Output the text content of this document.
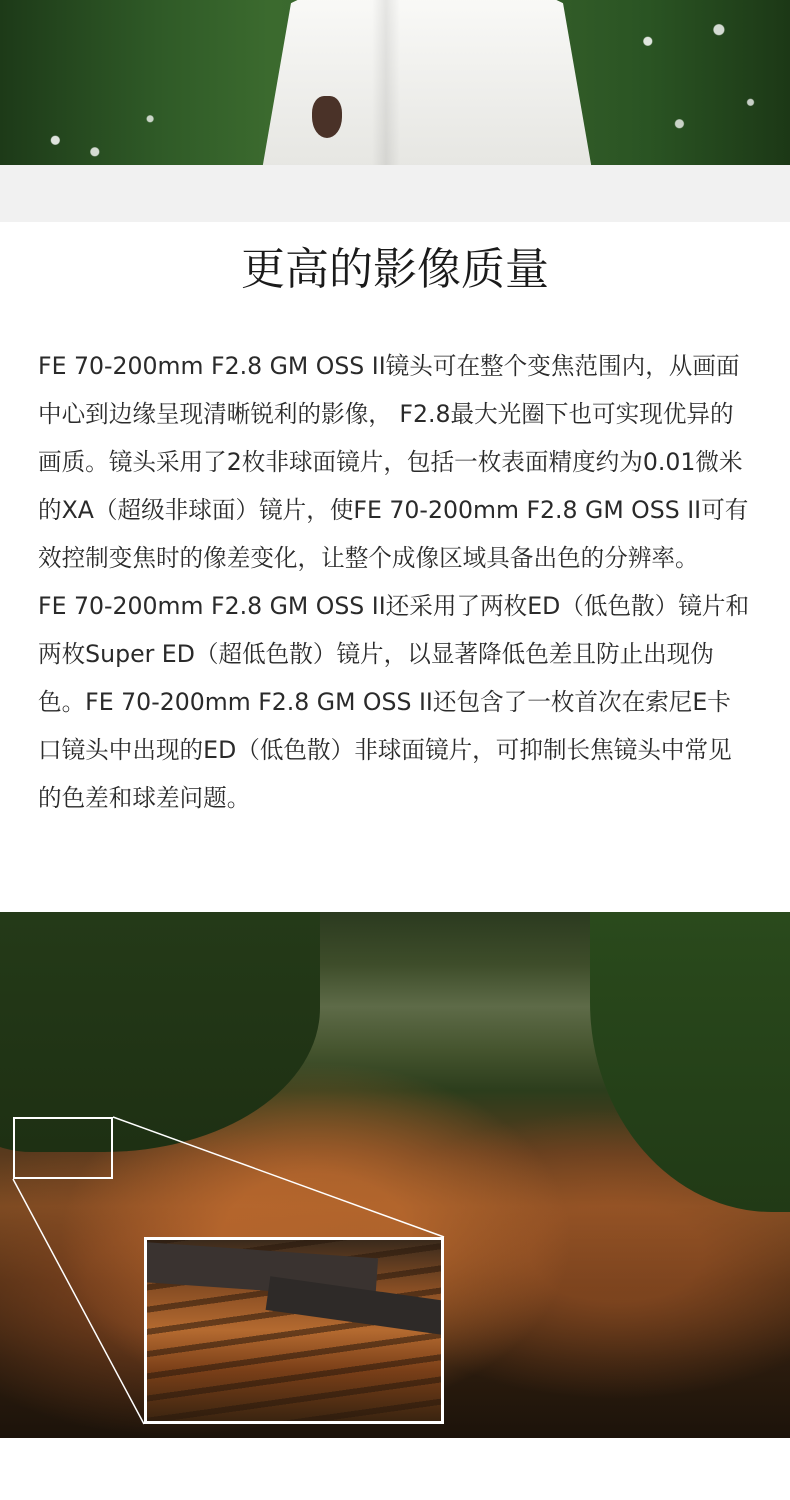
更高的影像质量

FE 70-200mm F2.8 GM OSS II镜头可在整个变焦范围内，从画面中心到边缘呈现清晰锐利的影像， F2.8最大光圈下也可实现优异的画质。镜头采用了2枚非球面镜片，包括一枚表面精度约为0.01微米的XA（超级非球面）镜片，使FE 70-200mm F2.8 GM OSS II可有效控制变焦时的像差变化，让整个成像区域具备出色的分辨率。

FE 70-200mm F2.8 GM OSS II还采用了两枚ED（低色散）镜片和两枚Super ED（超低色散）镜片，以显著降低色差且防止出现伪色。FE 70-200mm F2.8 GM OSS II还包含了一枚首次在索尼E卡口镜头中出现的ED（低色散）非球面镜片，可抑制长焦镜头中常见的色差和球差问题。
